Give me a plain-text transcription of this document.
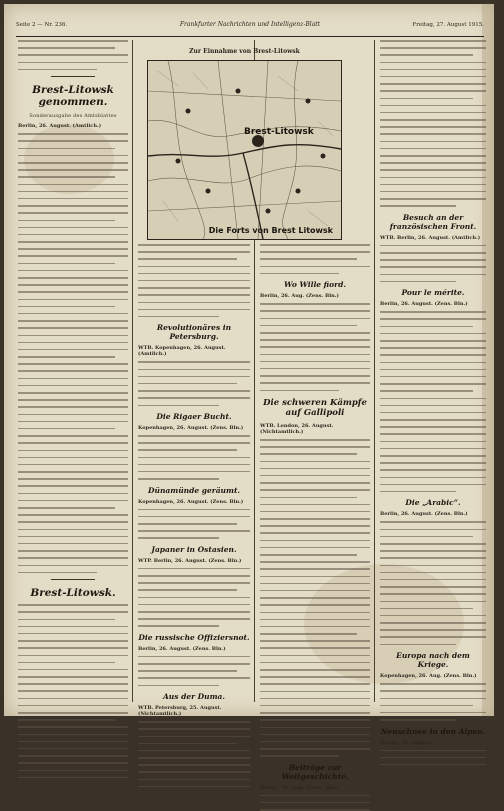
Seite 2 — Nr. 236.	Frankfurter Nachrichten und Intelligenz-Blatt	Freitag, 27. August 1915.
Brest-Litowsk genommen.
Sonderausgabe des Amtsblattes
Berlin, 26. August. (Amtlich.)
Brest-Litowsk.
Zur Einnahme von Brest-Litowsk
Brest-Litowsk
Die Forts von Brest Litowsk
Revolutionäres in Petersburg.
WTB. Kopenhagen, 26. August. (Amtlich.)
Die Rigaer Bucht.
Kopenhagen, 26. August. (Zens. Bln.)
Dünamünde geräumt.
Kopenhagen, 26. August. (Zens. Bln.)
Japaner in Ostasien.
WTP. Berlin, 26. August. (Zens. Bln.)
Die russische Offiziersnot.
Berlin, 26. August. (Zens. Bln.)
Aus der Duma.
WTB. Petersburg, 25. August. (Nichtamtlich.)
Wo Wille fiord.
Berlin, 26. Aug. (Zens. Bln.)
Die schweren Kämpfe auf Gallipoli
WTB. London, 26. August. (Nichtamtlich.)
Beiträge zur Weltgeschichte.
Berlin, 26. Aug. (Zens. Bln.)
Besuch an der französischen Front.
WTB. Berlin, 26. August. (Amtlich.)
Pour le mérite.
Berlin, 26. August. (Zens. Bln.)
Die „Arabic“.
Berlin, 26. August. (Zens. Bln.)
Europa nach dem Kriege.
Kopenhagen, 26. Aug. (Zens. Bln.)
Neuschnee in den Alpen.
Berlin, 26. August.
